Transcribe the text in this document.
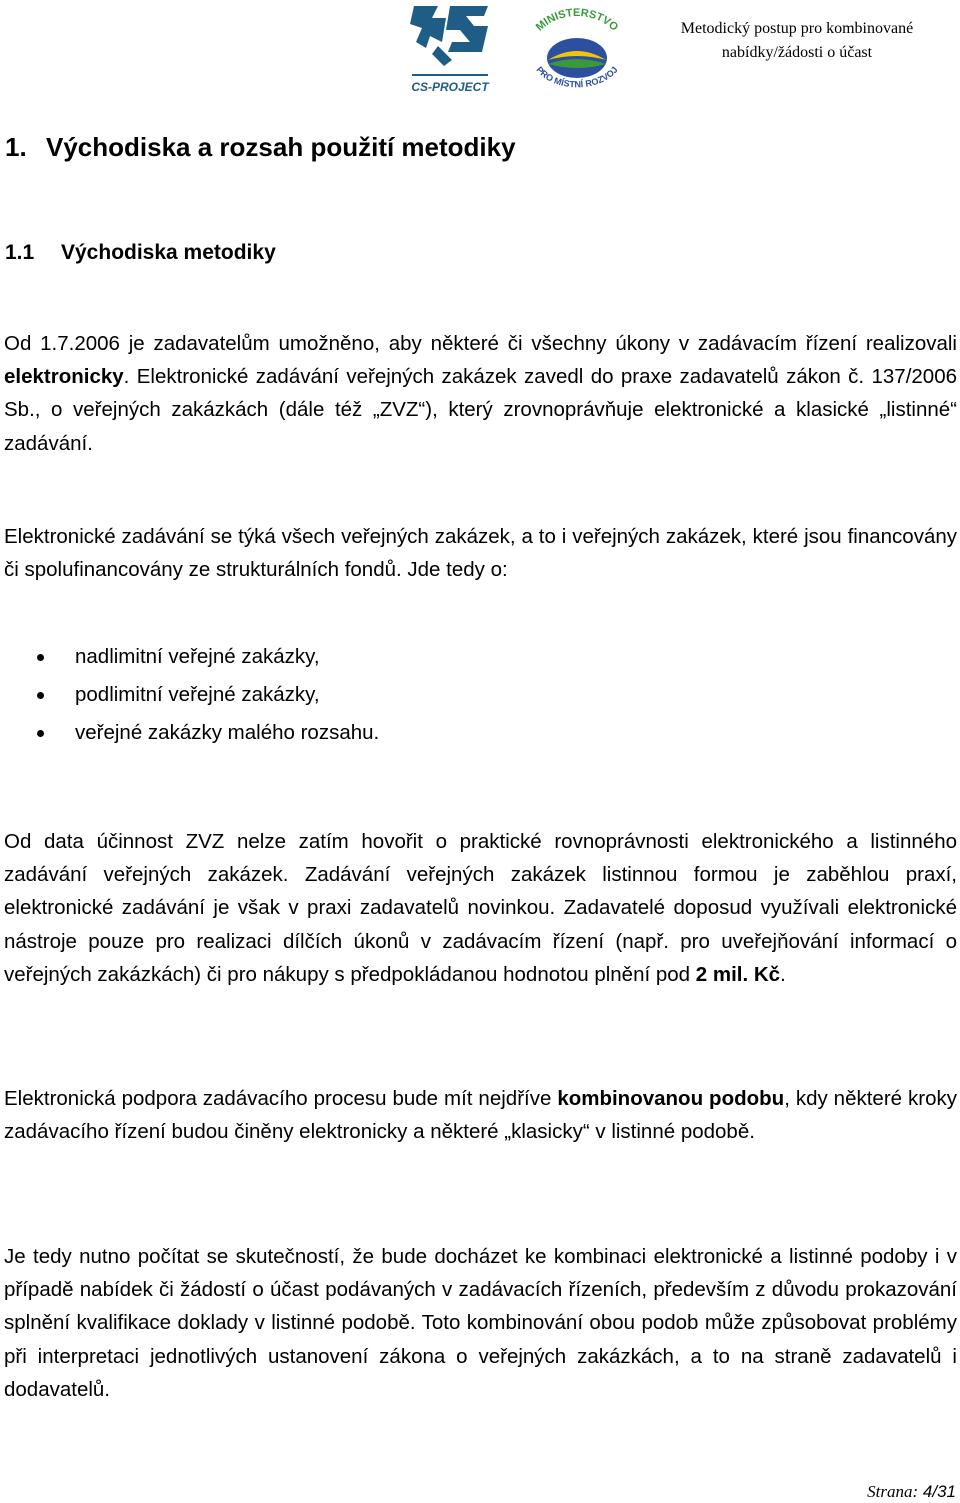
CS-PROJECT
MINISTERSTVO
PRO MÍSTNÍ ROZVOJ
Metodický postup pro kombinované
nabídky/žádosti o účast
1. Východiska a rozsah použití metodiky
1.1 Východiska metodiky
Od 1.7.2006 je zadavatelům umožněno, aby některé či všechny úkony v zadávacím řízení realizovali elektronicky. Elektronické zadávání veřejných zakázek zavedl do praxe zadavatelů zákon č. 137/2006 Sb., o veřejných zakázkách (dále též „ZVZ“), který zrovnoprávňuje elektronické a klasické „listinné“ zadávání.
Elektronické zadávání se týká všech veřejných zakázek, a to i veřejných zakázek, které jsou financovány či spolufinancovány ze strukturálních fondů. Jde tedy o:
nadlimitní veřejné zakázky,
podlimitní veřejné zakázky,
veřejné zakázky malého rozsahu.
Od data účinnost ZVZ nelze zatím hovořit o praktické rovnoprávnosti elektronického a listinného zadávání veřejných zakázek. Zadávání veřejných zakázek listinnou formou je zaběhlou praxí, elektronické zadávání je však v praxi zadavatelů novinkou. Zadavatelé doposud využívali elektronické nástroje pouze pro realizaci dílčích úkonů v zadávacím řízení (např. pro uveřejňování informací o veřejných zakázkách) či pro nákupy s předpokládanou hodnotou plnění pod 2 mil. Kč.
Elektronická podpora zadávacího procesu bude mít nejdříve kombinovanou podobu, kdy některé kroky zadávacího řízení budou činěny elektronicky a některé „klasicky“ v listinné podobě.
Je tedy nutno počítat se skutečností, že bude docházet ke kombinaci elektronické a listinné podoby i v případě nabídek či žádostí o účast podávaných v zadávacích řízeních, především z důvodu prokazování splnění kvalifikace doklady v listinné podobě. Toto kombinování obou podob může způsobovat problémy při interpretaci jednotlivých ustanovení zákona o veřejných zakázkách, a to na straně zadavatelů i dodavatelů.
Strana: 4/31
